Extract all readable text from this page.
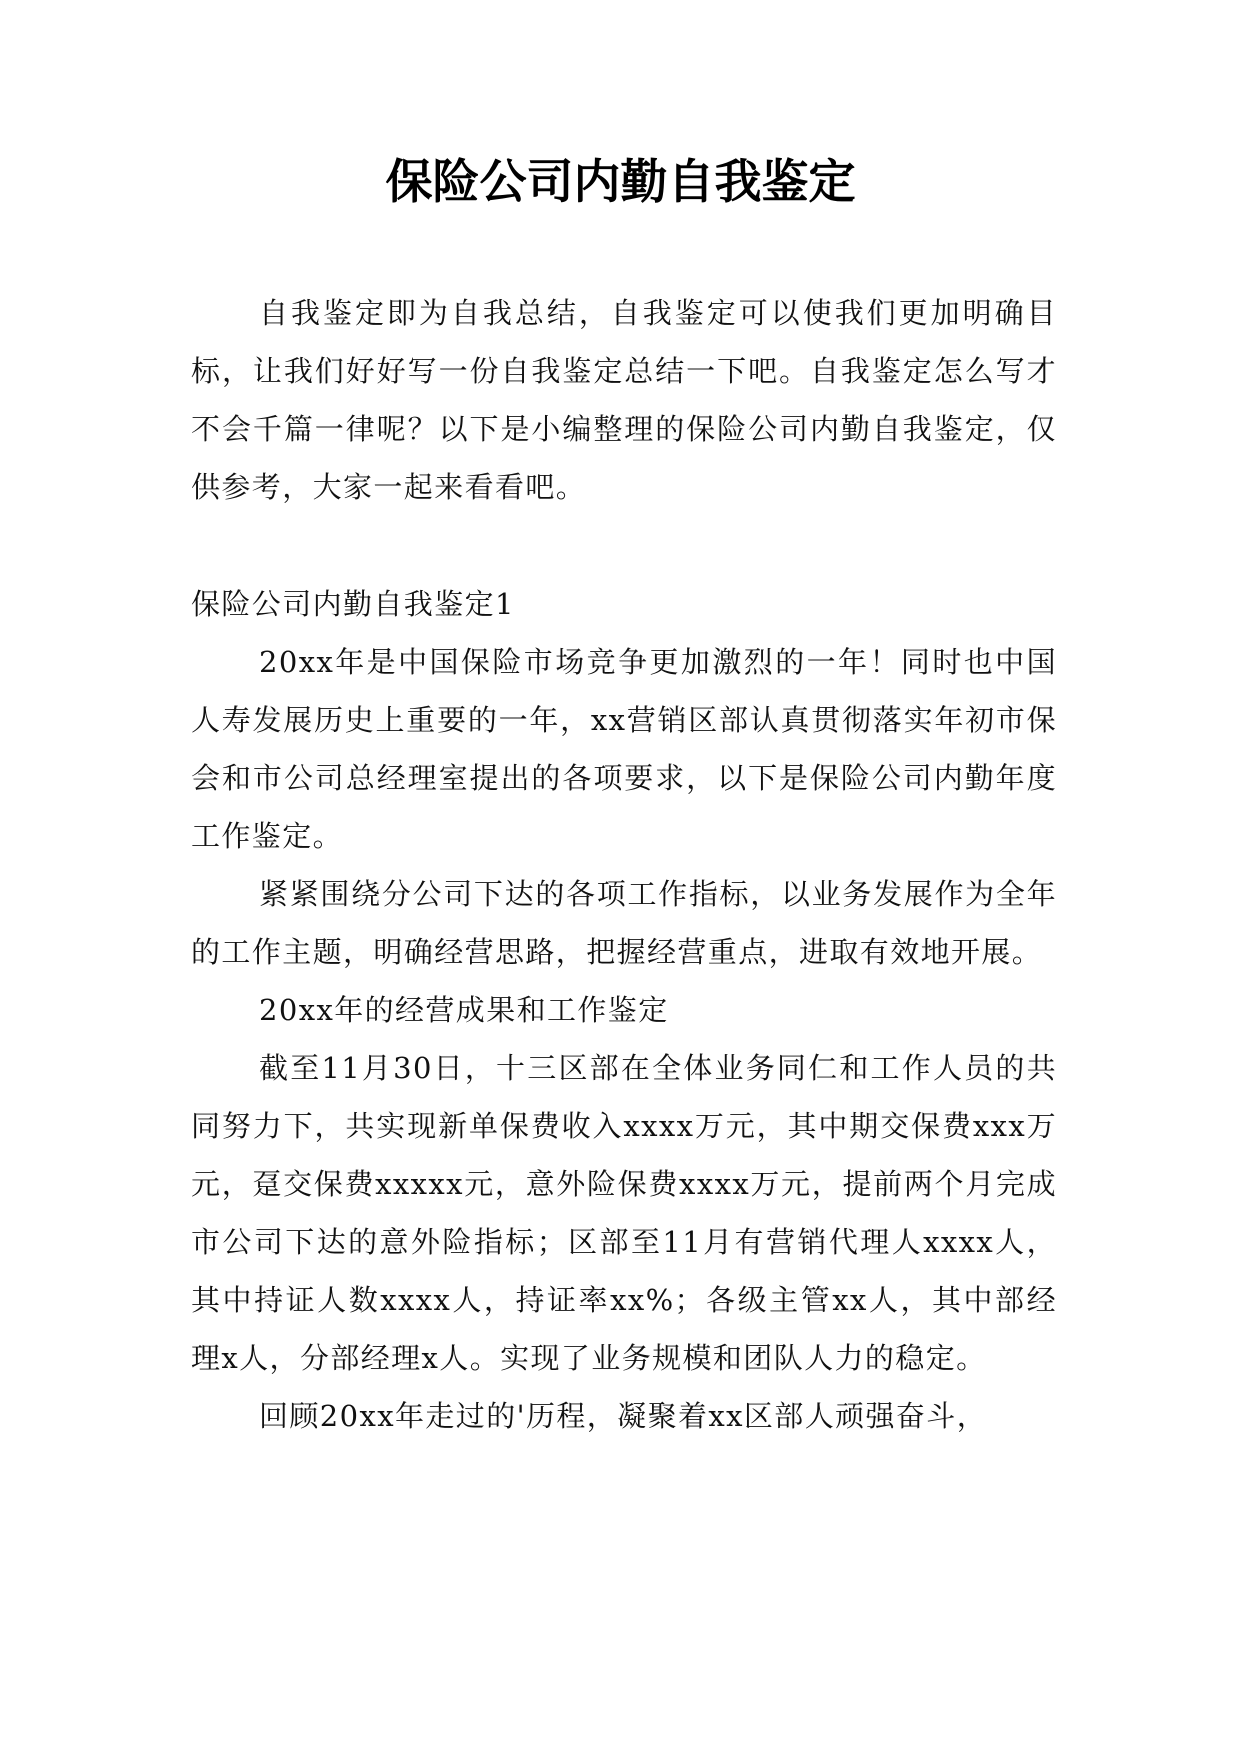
保险公司内勤自我鉴定

自我鉴定即为自我总结，自我鉴定可以使我们更加明确目标，让我们好好写一份自我鉴定总结一下吧。自我鉴定怎么写才不会千篇一律呢？以下是小编整理的保险公司内勤自我鉴定，仅供参考，大家一起来看看吧。

保险公司内勤自我鉴定1

20xx年是中国保险市场竞争更加激烈的一年！同时也中国人寿发展历史上重要的一年，xx营销区部认真贯彻落实年初市保会和市公司总经理室提出的各项要求，以下是保险公司内勤年度工作鉴定。

紧紧围绕分公司下达的各项工作指标，以业务发展作为全年的工作主题，明确经营思路，把握经营重点，进取有效地开展。

20xx年的经营成果和工作鉴定

截至11月30日，十三区部在全体业务同仁和工作人员的共同努力下，共实现新单保费收入xxxx万元，其中期交保费xxx万元，趸交保费xxxxx元，意外险保费xxxx万元，提前两个月完成市公司下达的意外险指标；区部至11月有营销代理人xxxx人，其中持证人数xxxx人，持证率xx%；各级主管xx人，其中部经理x人，分部经理x人。实现了业务规模和团队人力的稳定。

回顾20xx年走过的'历程，凝聚着xx区部人顽强奋斗，
